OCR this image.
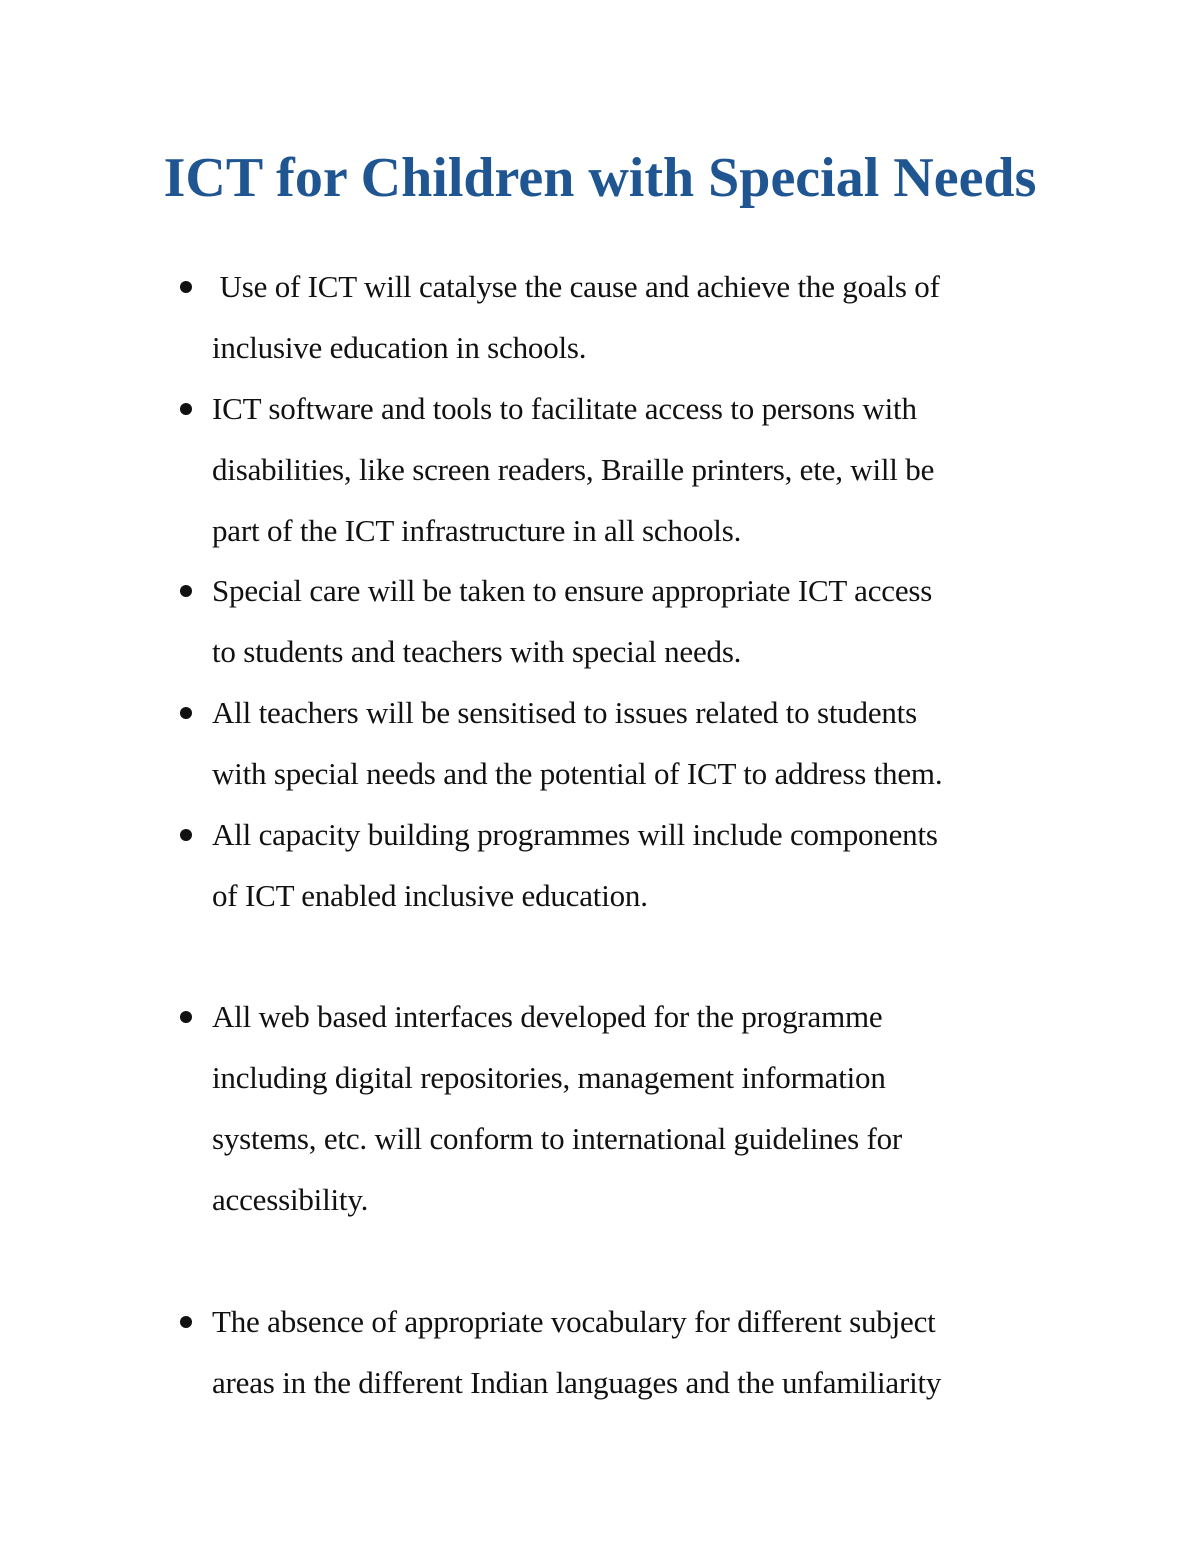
ICT for Children with Special Needs
Use of ICT will catalyse the cause and achieve the goals of
inclusive education in schools.
ICT software and tools to facilitate access to persons with
disabilities, like screen readers, Braille printers, ete, will be
part of the ICT infrastructure in all schools.
Special care will be taken to ensure appropriate ICT access
to students and teachers with special needs.
All teachers will be sensitised to issues related to students
with special needs and the potential of ICT to address them.
All capacity building programmes will include components
of ICT enabled inclusive education.
All web based interfaces developed for the programme
including digital repositories, management information
systems, etc. will conform to international guidelines for
accessibility.
The absence of appropriate vocabulary for different subject
areas in the different Indian languages and the unfamiliarity
